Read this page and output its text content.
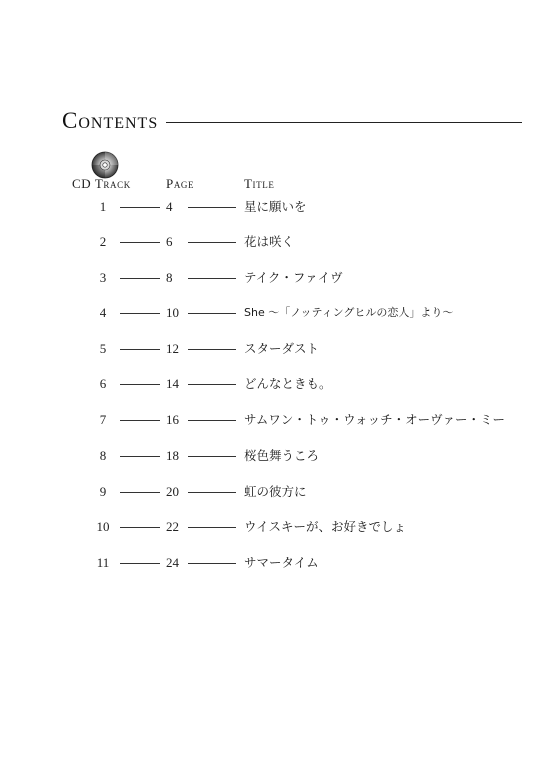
Contents
CD Track	Page	Title
1	4	星に願いを
2	6	花は咲く
3	8	テイク・ファイヴ
4	10	She 〜「ノッティングヒルの恋人」より〜
5	12	スターダスト
6	14	どんなときも。
7	16	サムワン・トゥ・ウォッチ・オーヴァー・ミー
8	18	桜色舞うころ
9	20	虹の彼方に
10	22	ウイスキーが、お好きでしょ
11	24	サマータイム
